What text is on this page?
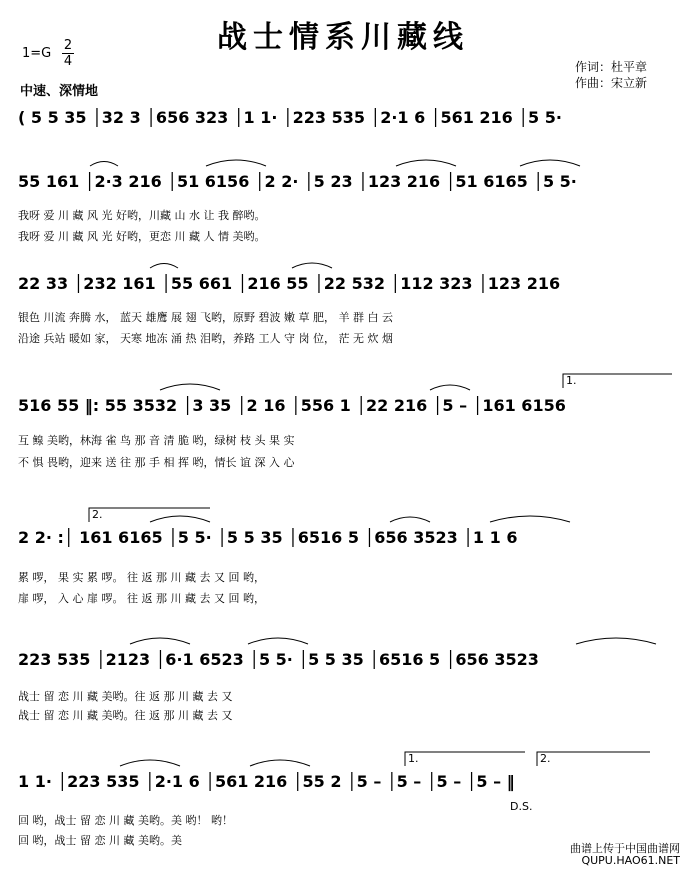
战士情系川藏线
1=G
2
4	作词：杜平章
作曲：宋立新
中速、深情地
( 5 5 35 │32 3 │656 323 │1 1· │223 535 │2·1 6 │561 216 │5 5·
55 161 │2·3 216 │51 6156 │2 2· │5 23 │123 216 │51 6165 │5 5·
我呀 爱 川 藏 风 光 好哟，川藏 山 水 让 我 醉哟。
我呀 爱 川 藏 风 光 好哟，更恋 川 藏 人 情 美哟。
22 33 │232 161 │55 661 │216 55 │22 532 │112 323 │123 216
银色 川流 奔腾 水， 蓝天 雄鹰 展 翅 飞哟，原野 碧波 嫩 草 肥， 羊 群 白 云
沿途 兵站 暖如 家， 天寒 地冻 涌 热 泪哟，养路 工人 守 岗 位， 茫 无 炊 烟
516 55 ‖: 55 3532 │3 35 │2 16 │556 1 │22 216 │5 – │161 6156
互 鳈 美哟，林海 雀 鸟 那 音 清 脆 哟，绿树 枝 头 果 实
不 惧 畏哟，迎来 送 往 那 手 相 挥 哟，情长 谊 深 入 心
2 2· :│ 161 6165 │5 5· │5 5 35 │6516 5 │656 3523 │1 1 6
累 啰， 果 实 累 啰。 往 返 那 川 藏 去 又 回 哟，
扉 啰， 入 心 扉 啰。 往 返 那 川 藏 去 又 回 哟，
223 535 │2123 │6·1 6523 │5 5· │5 5 35 │6516 5 │656 3523
战士 留 恋 川 藏 美哟。往 返 那 川 藏 去 又
战士 留 恋 川 藏 美哟。往 返 那 川 藏 去 又
1 1· │223 535 │2·1 6 │561 216 │55 2 │5 – │5 – │5 – │5 – ‖
回 哟，战士 留 恋 川 藏 美哟。美 哟！ 哟！
回 哟，战士 留 恋 川 藏 美哟。美
1.
2.
1.	2.
D.S.
曲谱上传于中国曲谱网
QUPU.HAO61.NET
